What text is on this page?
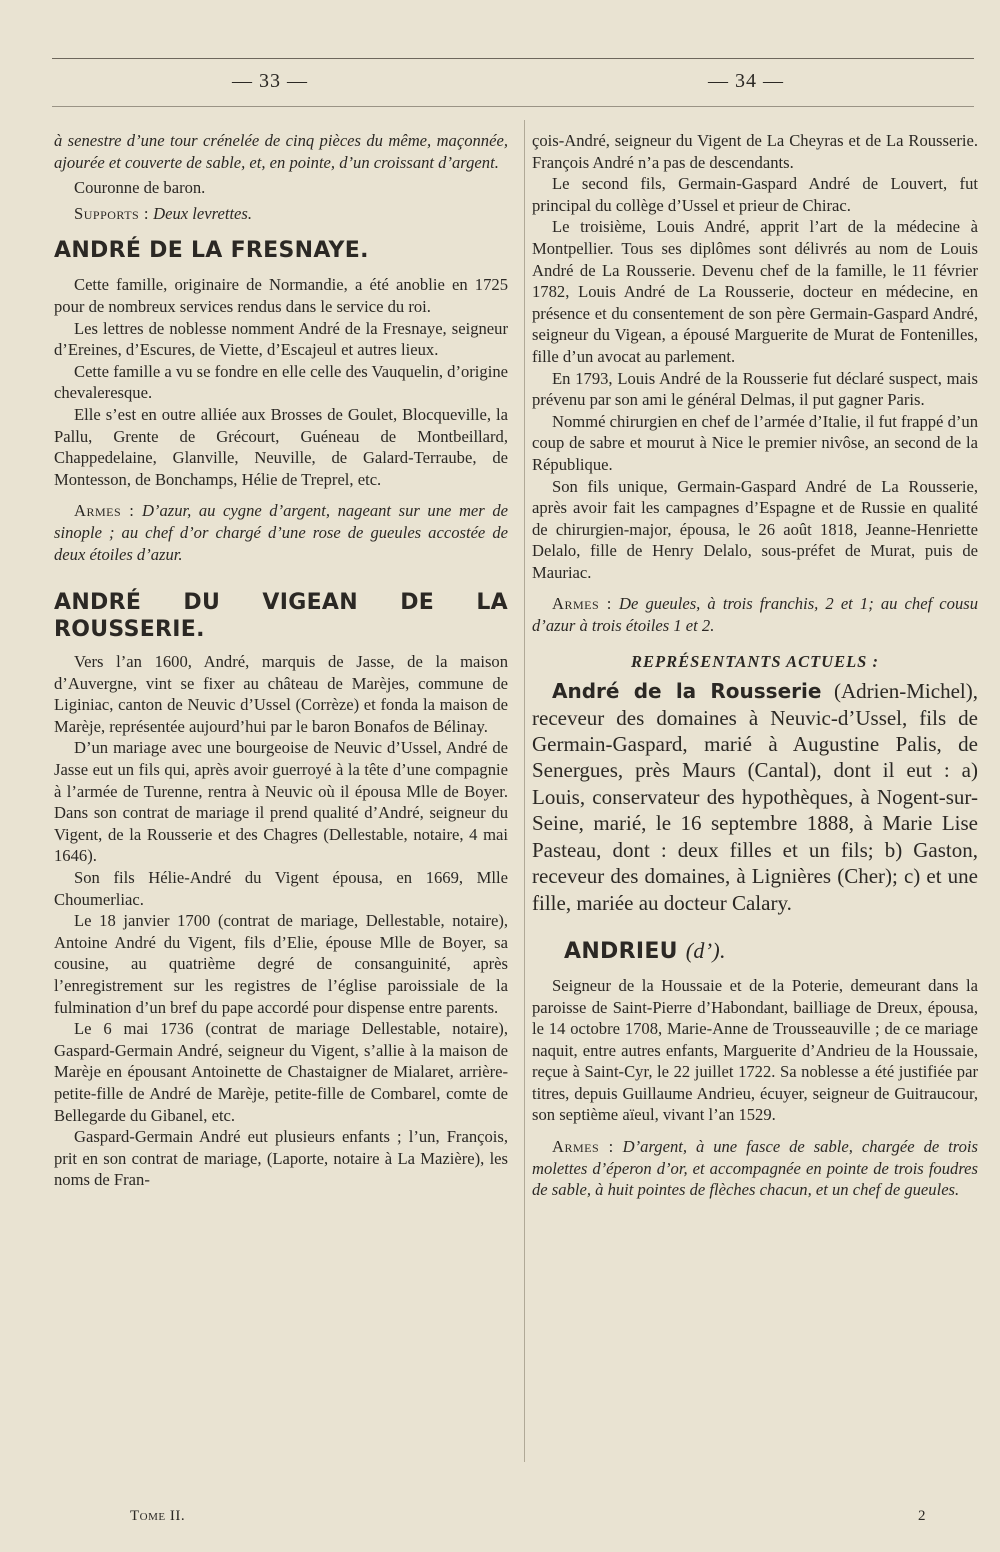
— 33 —	— 34 —

à senestre d’une tour crénelée de cinq pièces du même, maçonnée, ajourée et couverte de sable, et, en pointe, d’un croissant d’argent.

Couronne de baron.

Supports : Deux levrettes.

ANDRÉ DE LA FRESNAYE.

Cette famille, originaire de Normandie, a été anoblie en 1725 pour de nombreux services rendus dans le service du roi.

Les lettres de noblesse nomment André de la Fresnaye, seigneur d’Ereines, d’Escures, de Viette, d’Escajeul et autres lieux.

Cette famille a vu se fondre en elle celle des Vauquelin, d’origine chevaleresque.

Elle s’est en outre alliée aux Brosses de Goulet, Blocqueville, la Pallu, Grente de Grécourt, Guéneau de Montbeillard, Chappedelaine, Glanville, Neuville, de Galard-Terraube, de Montesson, de Bonchamps, Hélie de Treprel, etc.

Armes : D’azur, au cygne d’argent, nageant sur une mer de sinople ; au chef d’or chargé d’une rose de gueules accostée de deux étoiles d’azur.

ANDRÉ DU VIGEAN DE LA ROUSSERIE.

Vers l’an 1600, André, marquis de Jasse, de la maison d’Auvergne, vint se fixer au château de Marèjes, commune de Liginiac, canton de Neuvic d’Ussel (Corrèze) et fonda la maison de Marèje, représentée aujourd’hui par le baron Bonafos de Bélinay.

D’un mariage avec une bourgeoise de Neuvic d’Ussel, André de Jasse eut un fils qui, après avoir guerroyé à la tête d’une compagnie à l’armée de Turenne, rentra à Neuvic où il épousa Mlle de Boyer. Dans son contrat de mariage il prend qualité d’André, seigneur du Vigent, de la Rousserie et des Chagres (Dellestable, notaire, 4 mai 1646).

Son fils Hélie-André du Vigent épousa, en 1669, Mlle Choumerliac.

Le 18 janvier 1700 (contrat de mariage, Dellestable, notaire), Antoine André du Vigent, fils d’Elie, épouse Mlle de Boyer, sa cousine, au quatrième degré de consanguinité, après l’enregistrement sur les registres de l’église paroissiale de la fulmination d’un bref du pape accordé pour dispense entre parents.

Le 6 mai 1736 (contrat de mariage Dellestable, notaire), Gaspard-Germain André, seigneur du Vigent, s’allie à la maison de Marèje en épousant Antoinette de Chastaigner de Mialaret, arrière-petite-fille de André de Marèje, petite-fille de Combarel, comte de Bellegarde du Gibanel, etc.

Gaspard-Germain André eut plusieurs enfants ; l’un, François, prit en son contrat de mariage, (Laporte, notaire à La Mazière), les noms de Fran-

çois-André, seigneur du Vigent de La Cheyras et de La Rousserie. François André n’a pas de descendants.

Le second fils, Germain-Gaspard André de Louvert, fut principal du collège d’Ussel et prieur de Chirac.

Le troisième, Louis André, apprit l’art de la médecine à Montpellier. Tous ses diplômes sont délivrés au nom de Louis André de La Rousserie. Devenu chef de la famille, le 11 février 1782, Louis André de La Rousserie, docteur en médecine, en présence et du consentement de son père Germain-Gaspard André, seigneur du Vigean, a épousé Marguerite de Murat de Fontenilles, fille d’un avocat au parlement.

En 1793, Louis André de la Rousserie fut déclaré suspect, mais prévenu par son ami le général Delmas, il put gagner Paris.

Nommé chirurgien en chef de l’armée d’Italie, il fut frappé d’un coup de sabre et mourut à Nice le premier nivôse, an second de la République.

Son fils unique, Germain-Gaspard André de La Rousserie, après avoir fait les campagnes d’Espagne et de Russie en qualité de chirurgien-major, épousa, le 26 août 1818, Jeanne-Henriette Delalo, fille de Henry Delalo, sous-préfet de Murat, puis de Mauriac.

Armes : De gueules, à trois franchis, 2 et 1; au chef cousu d’azur à trois étoiles 1 et 2.

REPRÉSENTANTS ACTUELS :

André de la Rousserie (Adrien-Michel), receveur des domaines à Neuvic-d’Ussel, fils de Germain-Gaspard, marié à Augustine Palis, de Senergues, près Maurs (Cantal), dont il eut : a) Louis, conservateur des hypothèques, à Nogent-sur-Seine, marié, le 16 septembre 1888, à Marie Lise Pasteau, dont : deux filles et un fils; b) Gaston, receveur des domaines, à Lignières (Cher); c) et une fille, mariée au docteur Calary.

ANDRIEU (d’).

Seigneur de la Houssaie et de la Poterie, demeurant dans la paroisse de Saint-Pierre d’Habondant, bailliage de Dreux, épousa, le 14 octobre 1708, Marie-Anne de Trousseauville ; de ce mariage naquit, entre autres enfants, Marguerite d’Andrieu de la Houssaie, reçue à Saint-Cyr, le 22 juillet 1722. Sa noblesse a été justifiée par titres, depuis Guillaume Andrieu, écuyer, seigneur de Guitraucour, son septième aïeul, vivant l’an 1529.

Armes : D’argent, à une fasce de sable, chargée de trois molettes d’éperon d’or, et accompagnée en pointe de trois foudres de sable, à huit pointes de flèches chacun, et un chef de gueules.

Tome II.	2
